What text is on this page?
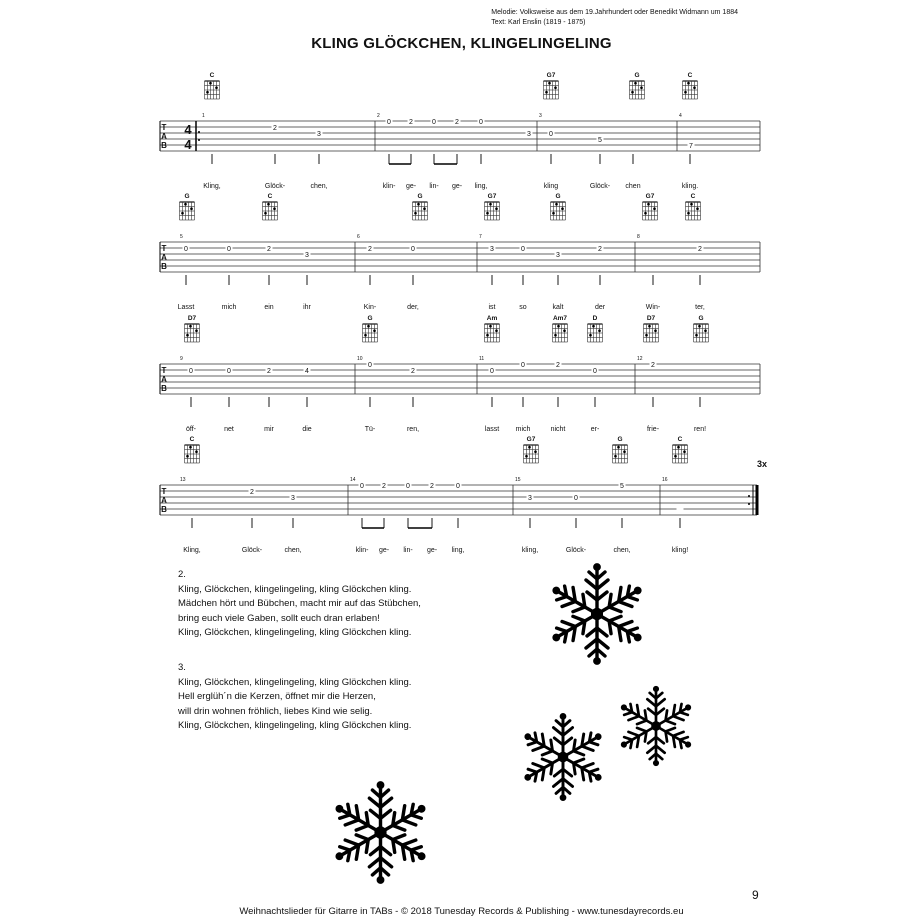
Melodie: Volksweise aus dem 19.Jahrhundert oder Benedikt Widmann um 1884
Text: Karl Enslin (1819 - 1875)
KLING GLÖCKCHEN, KLINGELINGELING
C	G7	G	C
T
A
B
4
4
1	2	3	4
2
3
0	2	0	2	0
3	0
5
7
Kling,	Glöck-	chen,	klin- ge- lin- ge- ling,	kling	Glöck- chen	kling.
G	C	G	G7	G	G7	C
T
A
B
5	6	7	8
0	0	2
3
2	0	3	0
3
2	2
Lasst	mich	ein	ihr	Kin-	der,	ist	so	kalt	der	Win-	ter,
D7	G	Am	Am7	D	D7	G
T
A
B
9	10	11	12
0	0	2	4
0
2	0
0	2
0
2
öff-	net	mir	die	Tü-	ren,	lasst mich	nicht	er-	frie-	ren!
C	G7	G	C
T
A
B
3x
13	14	15	16
2
3
0	2	0	2	0
3	0
5
Kling,	Glöck-	chen,	klin- ge- lin- ge- ling,	kling,	Glöck-	chen,	kling!
2.
Kling, Glöckchen, klingelingeling, kling Glöckchen kling.
Mädchen hört und Bübchen, macht mir auf das Stübchen,
bring euch viele Gaben, sollt euch dran erlaben!
Kling, Glöckchen, klingelingeling, kling Glöckchen kling.
3.
Kling, Glöckchen, klingelingeling, kling Glöckchen kling.
Hell erglüh´n die Kerzen, öffnet mir die Herzen,
will drin wohnen fröhlich, liebes Kind wie selig.
Kling, Glöckchen, klingelingeling, kling Glöckchen kling.
9
Weihnachtslieder für Gitarre in TABs - © 2018 Tunesday Records & Publishing - www.tunesdayrecords.eu
